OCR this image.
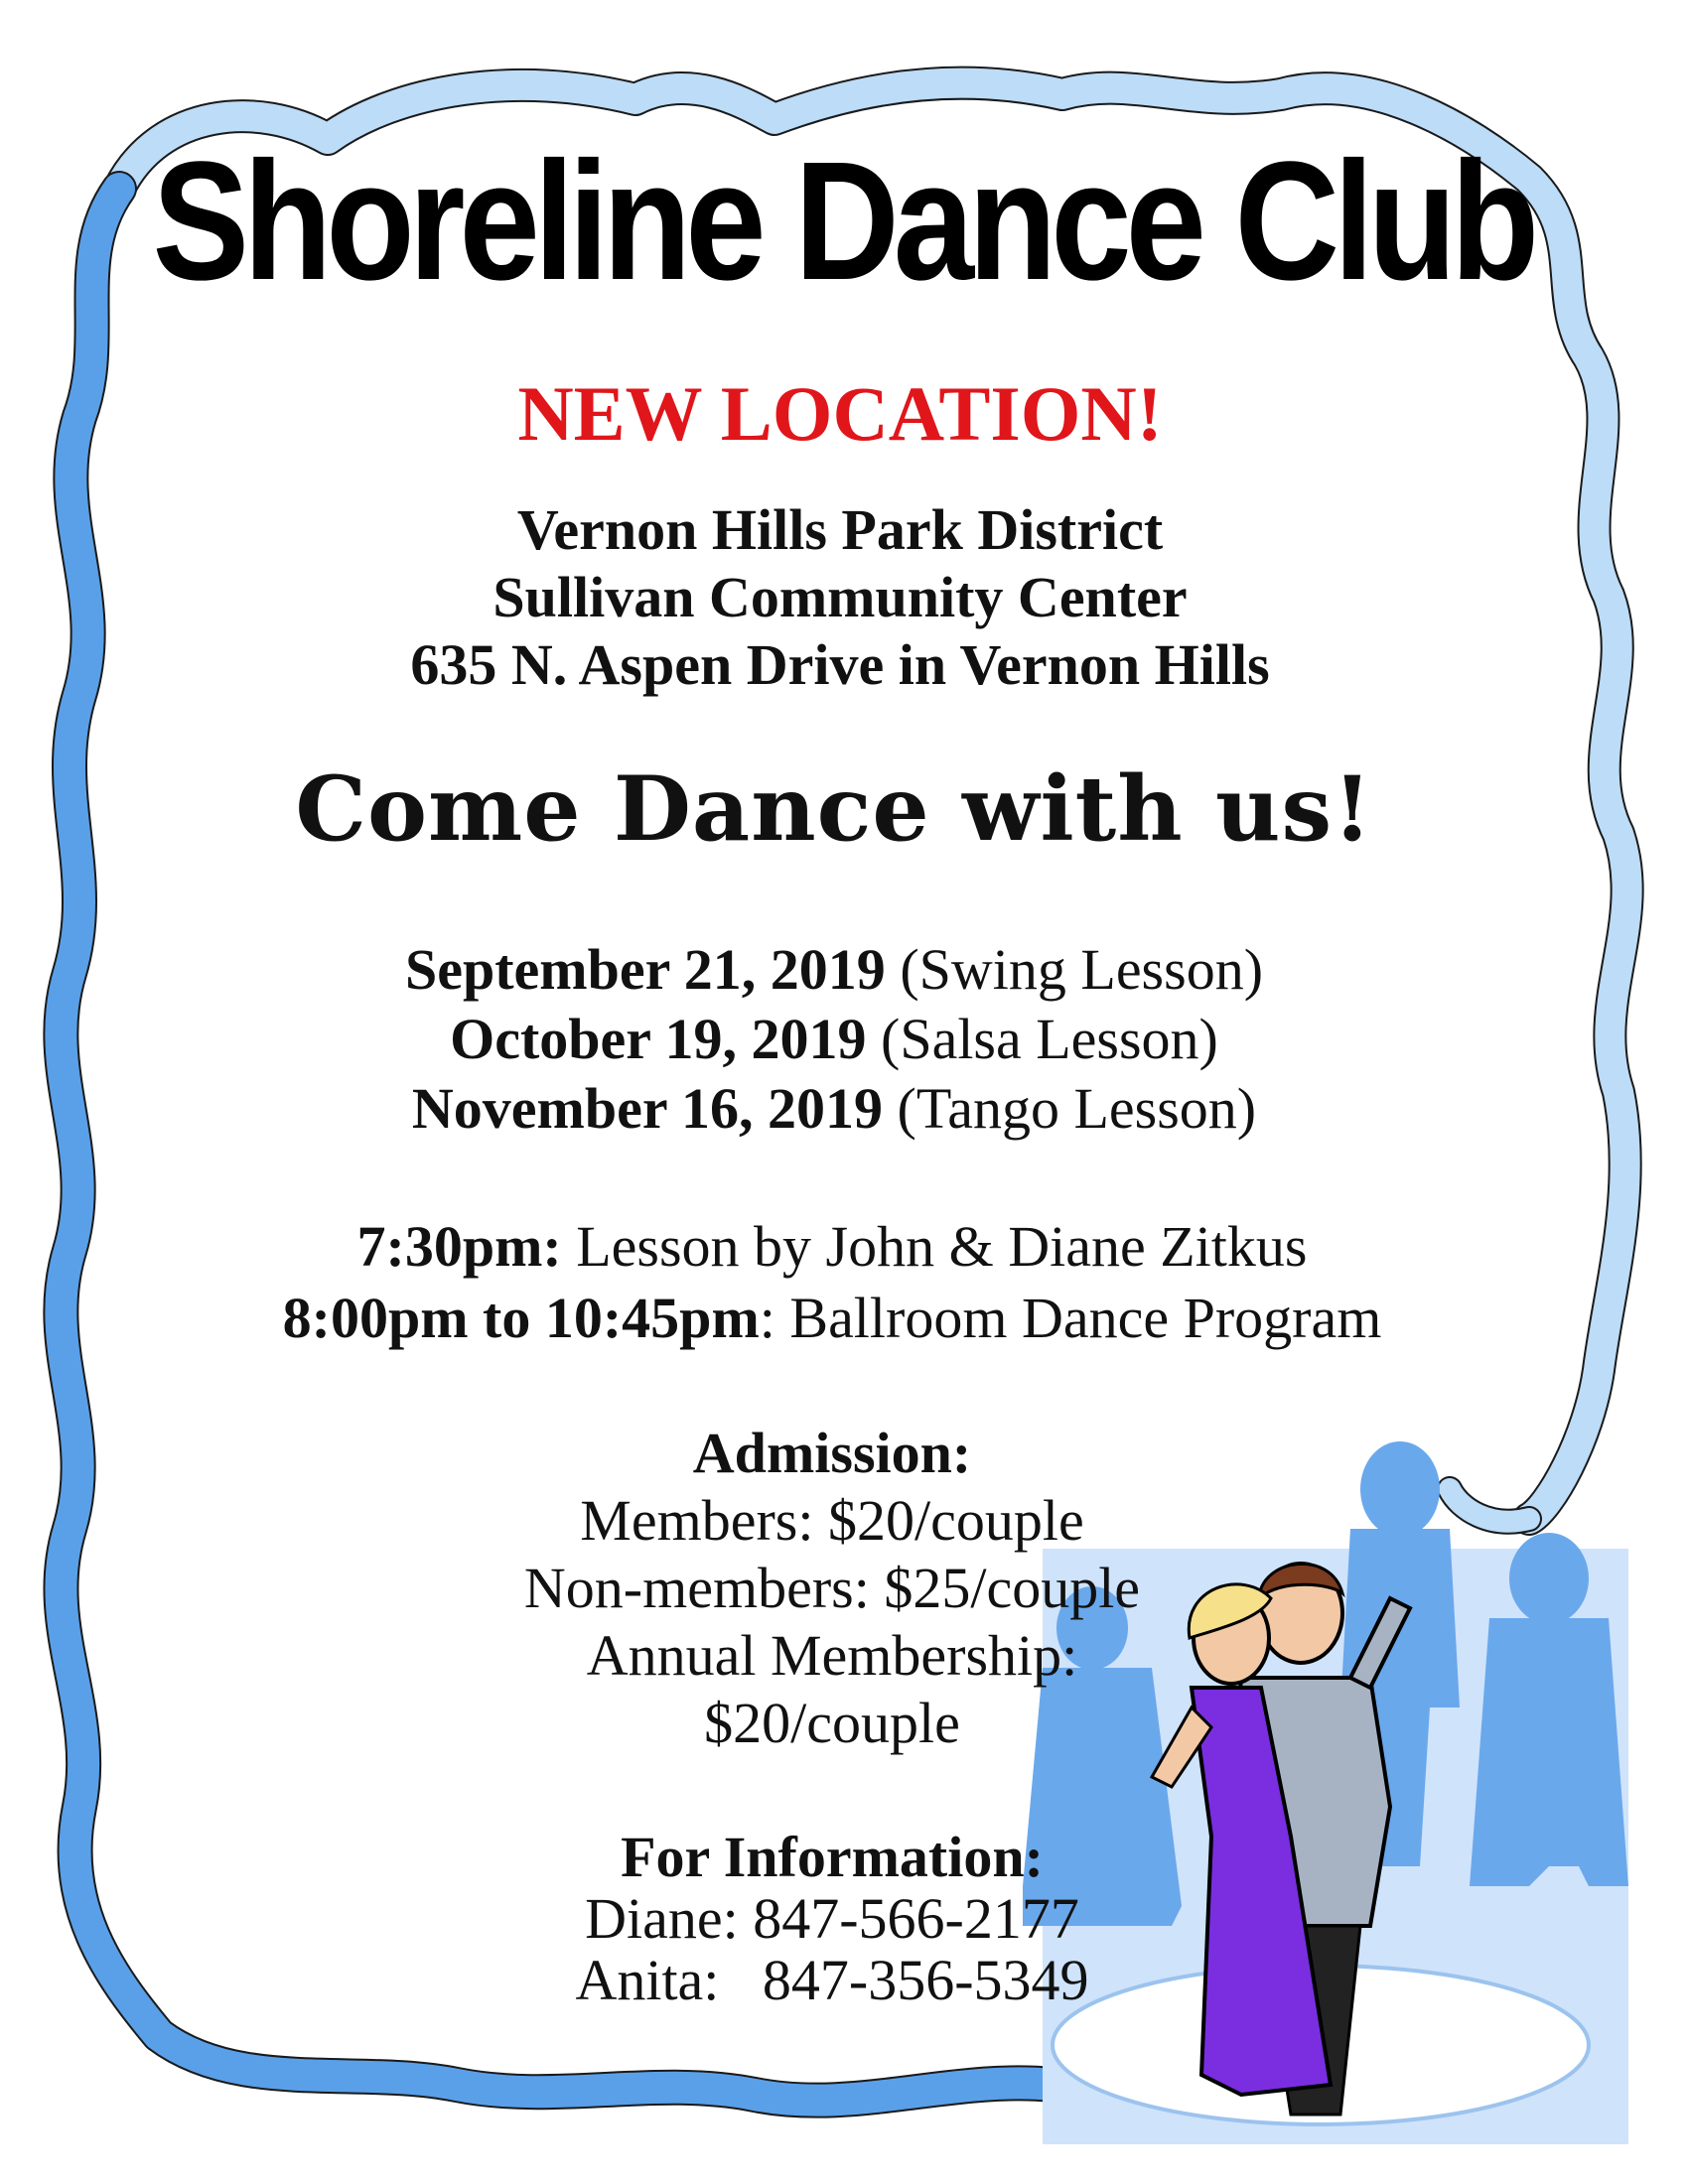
Shoreline Dance Club
NEW LOCATION!
Vernon Hills Park District
Sullivan Community Center
635 N. Aspen Drive in Vernon Hills
Come Dance with us!
September 21, 2019 (Swing Lesson)
October 19, 2019 (Salsa Lesson)
November 16, 2019 (Tango Lesson)
7:30pm: Lesson by John & Diane Zitkus
8:00pm to 10:45pm: Ballroom Dance Program
Admission:
Members: $20/couple
Non-members: $25/couple
Annual Membership:
$20/couple
For Information:
Diane: 847-566-2177
Anita:   847-356-5349
